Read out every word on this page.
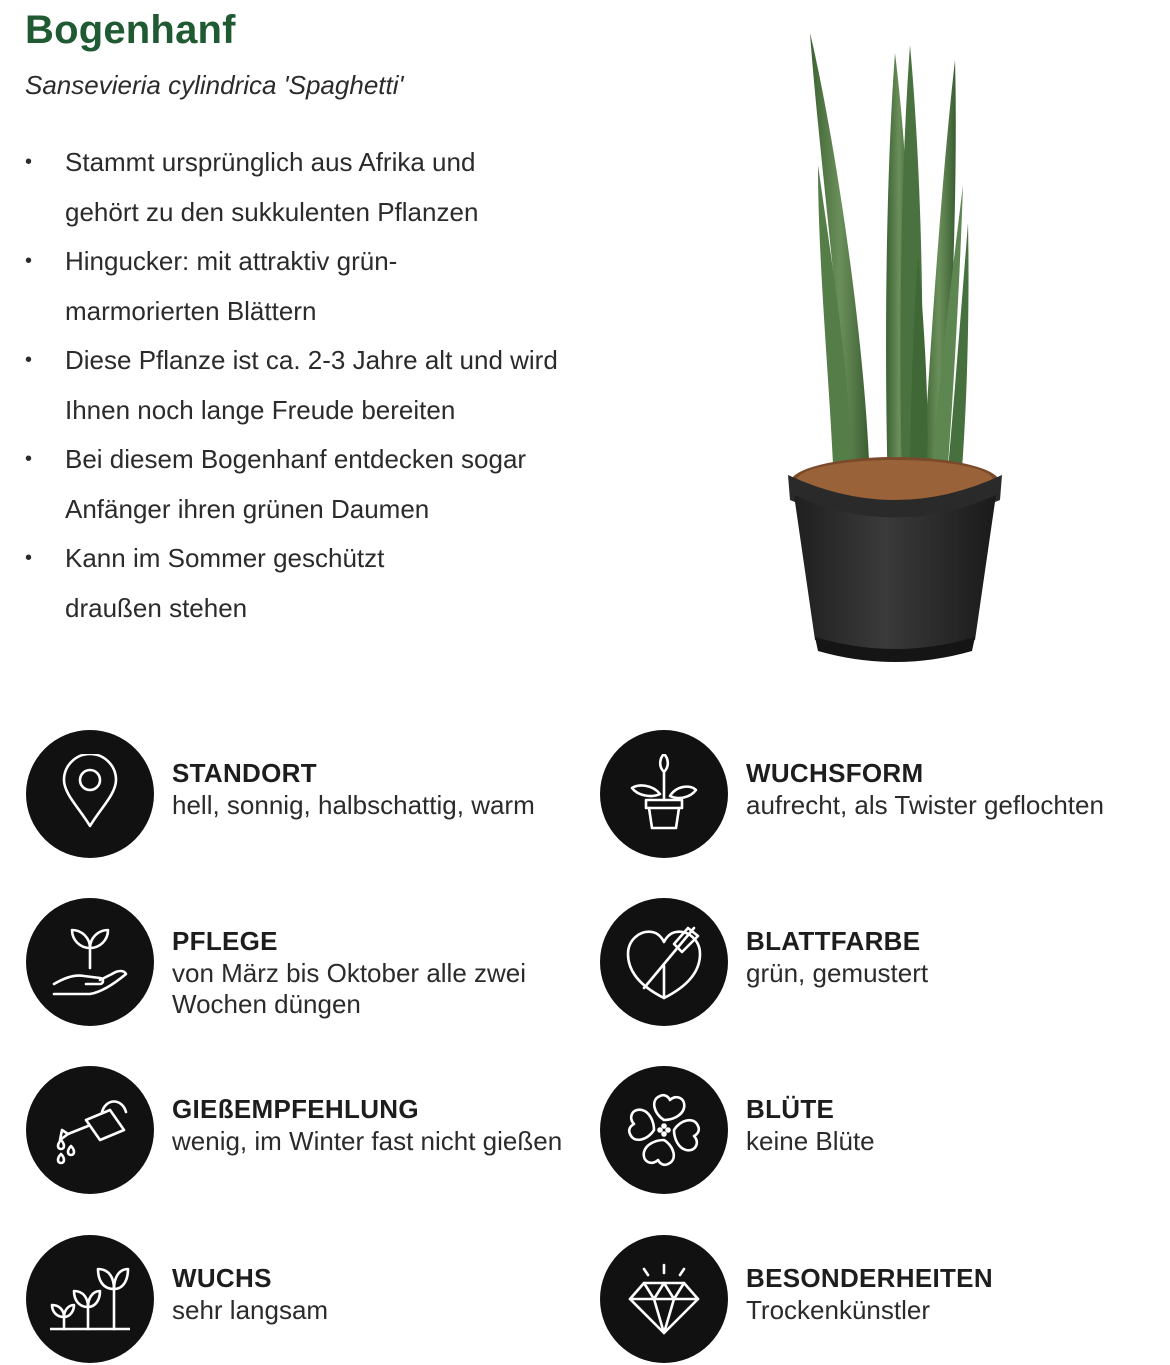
Bogenhanf
Sansevieria cylindrica 'Spaghetti'
• Stammt ursprünglich aus Afrika und
gehört zu den sukkulenten Pflanzen
• Hingucker: mit attraktiv grün-
marmorierten Blättern
• Diese Pflanze ist ca. 2-3 Jahre alt und wird
Ihnen noch lange Freude bereiten
• Bei diesem Bogenhanf entdecken sogar
Anfänger ihren grünen Daumen
• Kann im Sommer geschützt
draußen stehen
STANDORT
hell, sonnig, halbschattig, warm
WUCHSFORM
aufrecht, als Twister geflochten
PFLEGE
von März bis Oktober alle zwei Wochen düngen
BLATTFARBE
grün, gemustert
GIEßEMPFEHLUNG
wenig, im Winter fast nicht gießen
BLÜTE
keine Blüte
WUCHS
sehr langsam
BESONDERHEITEN
Trockenkünstler
